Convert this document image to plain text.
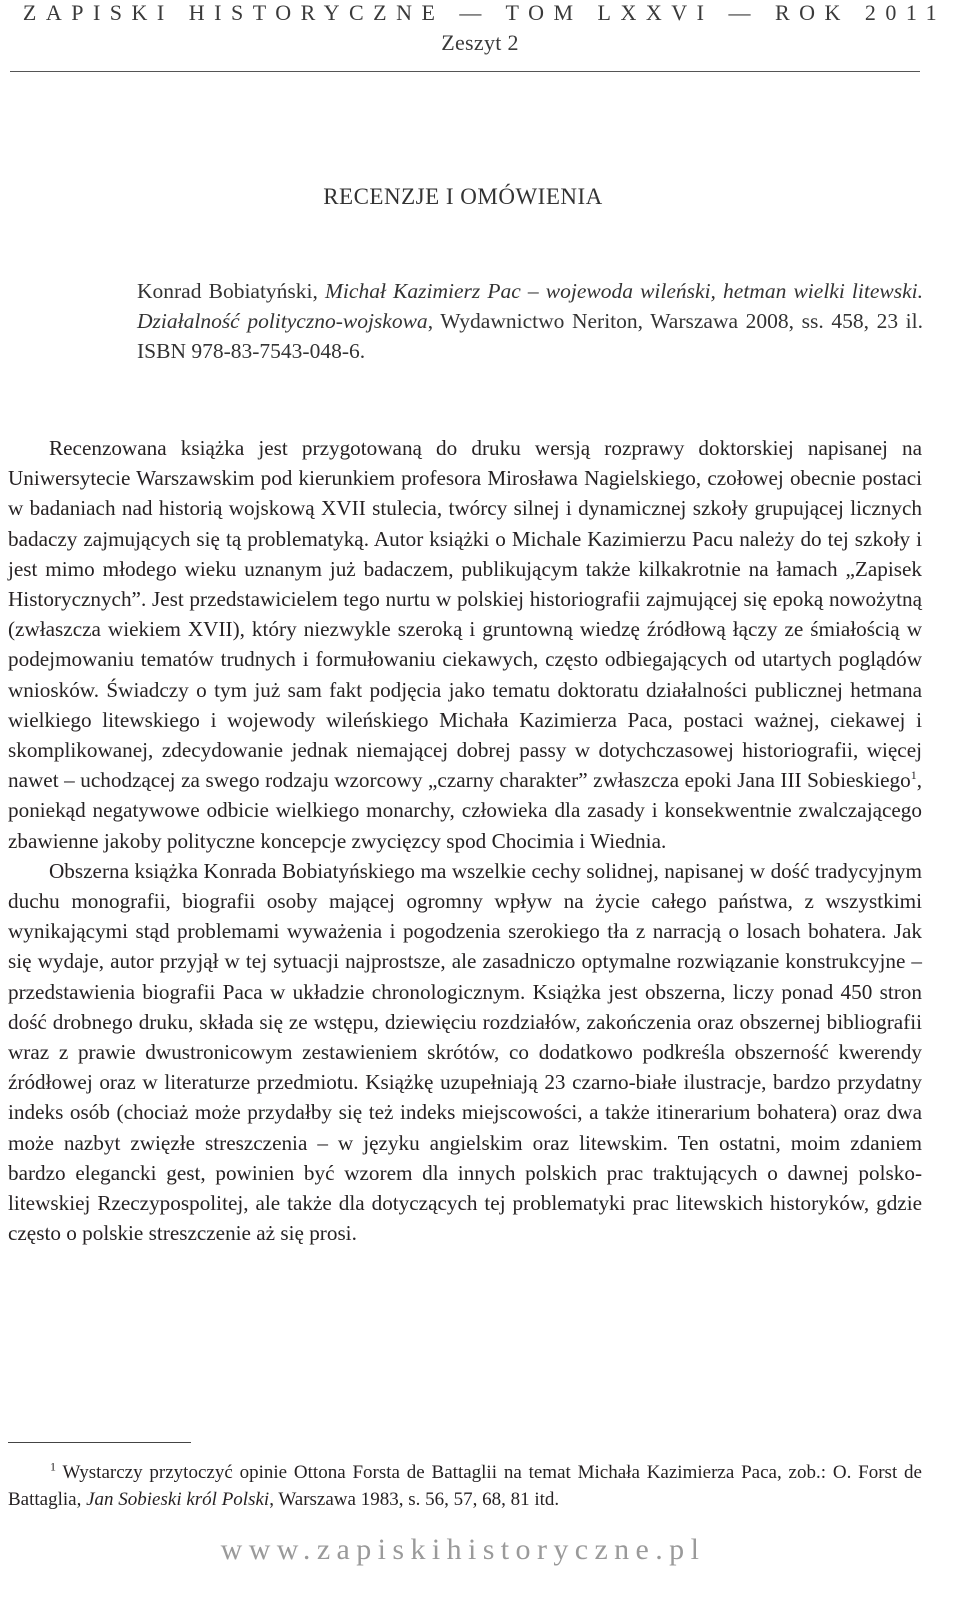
ZAPISKI HISTORYCZNE — TOM LXXVI — ROK 2011
Zeszyt 2
RECENZJE I OMÓWIENIA
Konrad Bobiatyński, Michał Kazimierz Pac – wojewoda wileński, hetman wielki litewski. Działalność polityczno-wojskowa, Wydawnictwo Neriton, Warszawa 2008, ss. 458, 23 il. ISBN 978-83-7543-048-6.

Recenzowana książka jest przygotowaną do druku wersją rozprawy doktorskiej napisanej na Uniwersytecie Warszawskim pod kierunkiem profesora Mirosława Nagielskiego, czołowej obecnie postaci w badaniach nad historią wojskową XVII stulecia, twórcy silnej i dynamicznej szkoły grupującej licznych badaczy zajmujących się tą problematyką. Autor książki o Michale Kazimierzu Pacu należy do tej szkoły i jest mimo młodego wieku uznanym już badaczem, publikującym także kilkakrotnie na łamach „Zapisek Historycznych”. Jest przedstawicielem tego nurtu w polskiej historiografii zajmującej się epoką nowożytną (zwłaszcza wiekiem XVII), który niezwykle szeroką i gruntowną wiedzę źródłową łączy ze śmiałością w podejmowaniu tematów trudnych i formułowaniu ciekawych, często odbiegających od utartych poglądów wniosków. Świadczy o tym już sam fakt podjęcia jako tematu doktoratu działalności publicznej hetmana wielkiego litewskiego i wojewody wileńskiego Michała Kazimierza Paca, postaci ważnej, ciekawej i skomplikowanej, zdecydowanie jednak niemającej dobrej passy w dotychczasowej historiografii, więcej nawet – uchodzącej za swego rodzaju wzorcowy „czarny charakter” zwłaszcza epoki Jana III Sobieskiego$^1$, poniekąd negatywowe odbicie wielkiego monarchy, człowieka dla zasady i konsekwentnie zwalczającego zbawienne jakoby polityczne koncepcje zwycięzcy spod Chocimia i Wiednia.

Obszerna książka Konrada Bobiatyńskiego ma wszelkie cechy solidnej, napisanej w dość tradycyjnym duchu monografii, biografii osoby mającej ogromny wpływ na życie całego państwa, z wszystkimi wynikającymi stąd problemami wyważenia i pogodzenia szerokiego tła z narracją o losach bohatera. Jak się wydaje, autor przyjął w tej sytuacji najprostsze, ale zasadniczo optymalne rozwiązanie konstrukcyjne – przedstawienia biografii Paca w układzie chronologicznym. Książka jest obszerna, liczy ponad 450 stron dość drobnego druku, składa się ze wstępu, dziewięciu rozdziałów, zakończenia oraz obszernej bibliografii wraz z prawie dwustronicowym zestawieniem skrótów, co dodatkowo podkreśla obszerność kwerendy źródłowej oraz w literaturze przedmiotu. Książkę uzupełniają 23 czarno-białe ilustracje, bardzo przydatny indeks osób (chociaż może przydałby się też indeks miejscowości, a także itinerarium bohatera) oraz dwa może nazbyt zwięzłe streszczenia – w języku angielskim oraz litewskim. Ten ostatni, moim zdaniem bardzo elegancki gest, powinien być wzorem dla innych polskich prac traktujących o dawnej polsko-litewskiej Rzeczypospolitej, ale także dla dotyczących tej problematyki prac litewskich historyków, gdzie często o polskie streszczenie aż się prosi.

$^1$ Wystarczy przytoczyć opinie Ottona Forsta de Battaglii na temat Michała Kazimierza Paca, zob.: O. Forst de Battaglia, Jan Sobieski król Polski, Warszawa 1983, s. 56, 57, 68, 81 itd.

www.zapiskihistoryczne.pl
